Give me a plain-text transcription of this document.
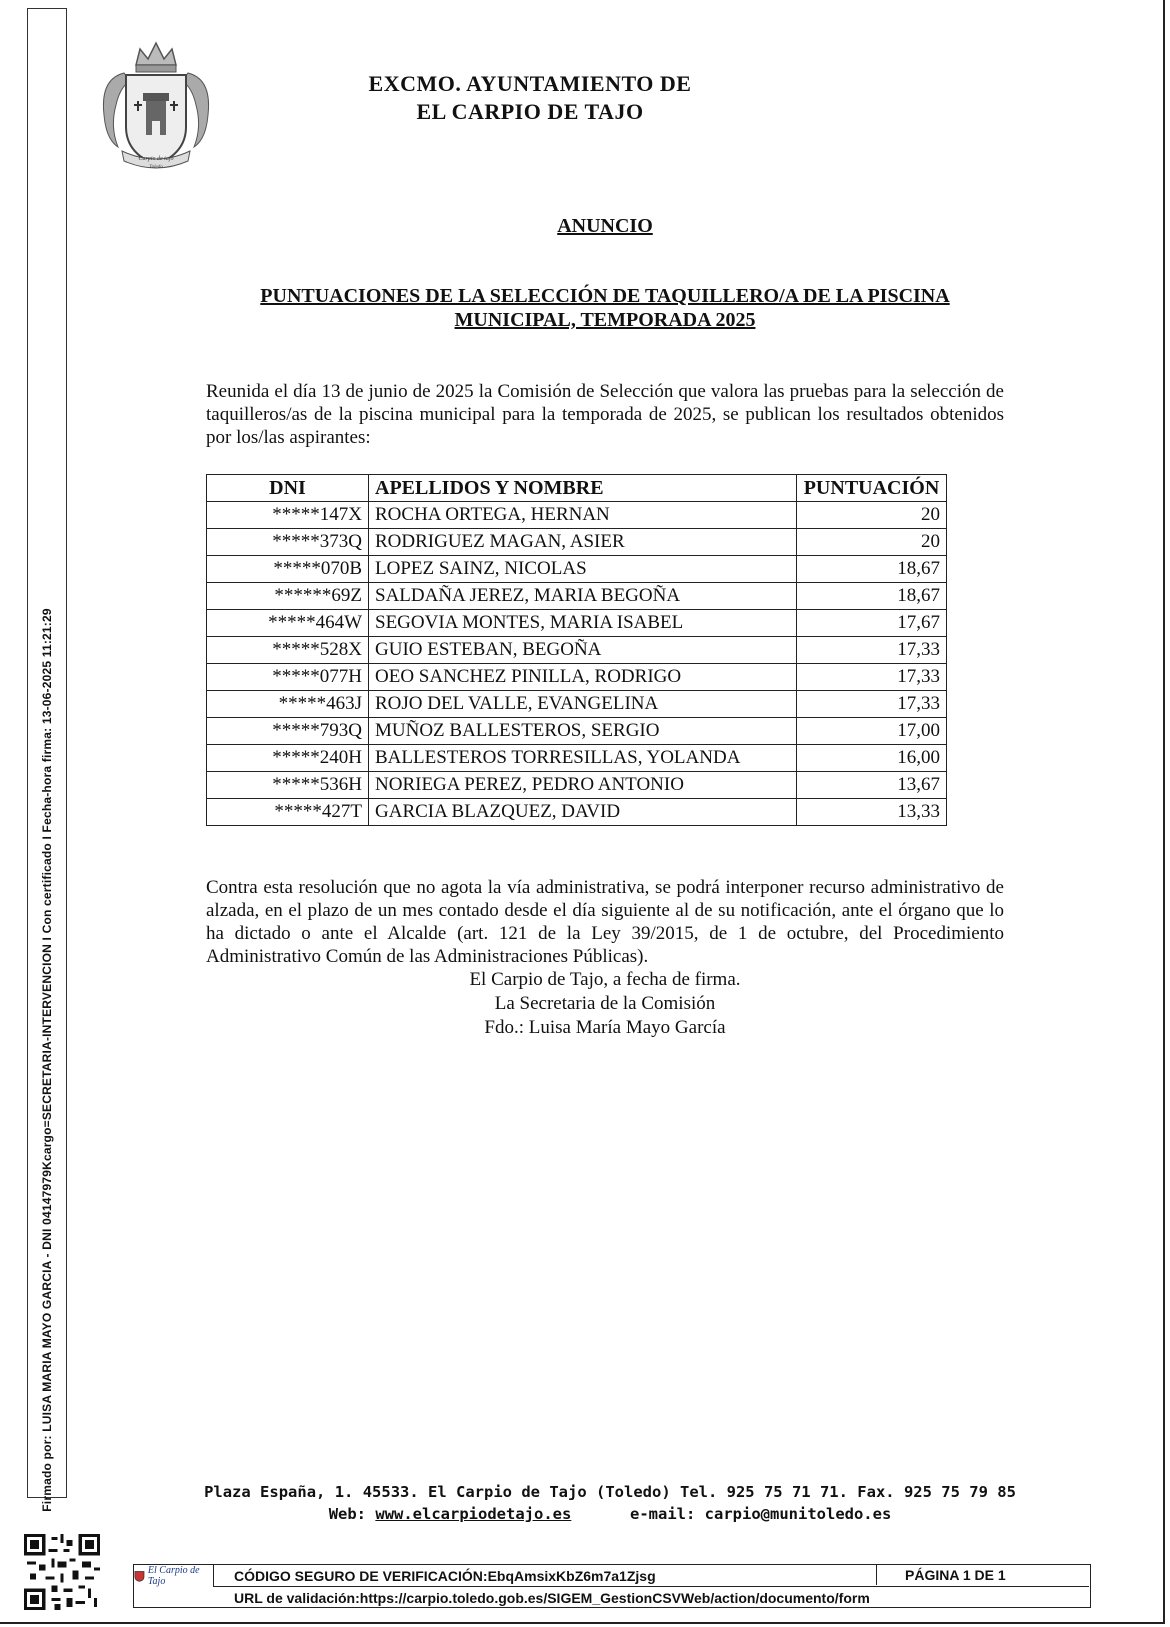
Firmado por: LUISA MARIA MAYO GARCIA - DNI 04147979Kcargo=SECRETARIA-INTERVENCION I Con certificado I Fecha-hora firma: 13-06-2025 11:21:29
Carpio de tajo
Toledo
EXCMO. AYUNTAMIENTO DE
EL CARPIO DE TAJO
ANUNCIO
PUNTUACIONES DE LA SELECCIÓN DE TAQUILLERO/A DE LA PISCINA
MUNICIPAL, TEMPORADA 2025
Reunida el día 13 de junio de 2025 la Comisión de Selección que valora las pruebas para la selección de taquilleros/as de la piscina municipal para la temporada de 2025, se publican los resultados obtenidos por los/las aspirantes:
DNI	APELLIDOS Y NOMBRE	PUNTUACIÓN
*****147X	ROCHA ORTEGA, HERNAN	20
*****373Q	RODRIGUEZ MAGAN, ASIER	20
*****070B	LOPEZ SAINZ, NICOLAS	18,67
******69Z	SALDAÑA JEREZ, MARIA BEGOÑA	18,67
*****464W	SEGOVIA MONTES, MARIA ISABEL	17,67
*****528X	GUIO ESTEBAN, BEGOÑA	17,33
*****077H	OEO SANCHEZ PINILLA, RODRIGO	17,33
*****463J	ROJO DEL VALLE, EVANGELINA	17,33
*****793Q	MUÑOZ BALLESTEROS, SERGIO	17,00
*****240H	BALLESTEROS TORRESILLAS, YOLANDA	16,00
*****536H	NORIEGA PEREZ, PEDRO ANTONIO	13,67
*****427T	GARCIA BLAZQUEZ, DAVID	13,33
Contra esta resolución que no agota la vía administrativa, se podrá interponer recurso administrativo de alzada, en el plazo de un mes contado desde el día siguiente al de su notificación, ante el órgano que lo ha dictado o ante el Alcalde (art. 121 de la Ley 39/2015, de 1 de octubre, del Procedimiento Administrativo Común de las Administraciones Públicas).
El Carpio de Tajo, a fecha de firma.
La Secretaria de la Comisión
Fdo.: Luisa María Mayo García
Plaza España, 1. 45533. El Carpio de Tajo (Toledo) Tel. 925 75 71 71. Fax. 925 75 79 85
Web: www.elcarpiodetajo.es	e-mail: carpio@munitoledo.es
El Carpio de Tajo	CÓDIGO SEGURO DE VERIFICACIÓN:EbqAmsixKbZ6m7a1Zjsg	PÁGINA 1 DE 1
URL de validación:https://carpio.toledo.gob.es/SIGEM_GestionCSVWeb/action/documento/form
